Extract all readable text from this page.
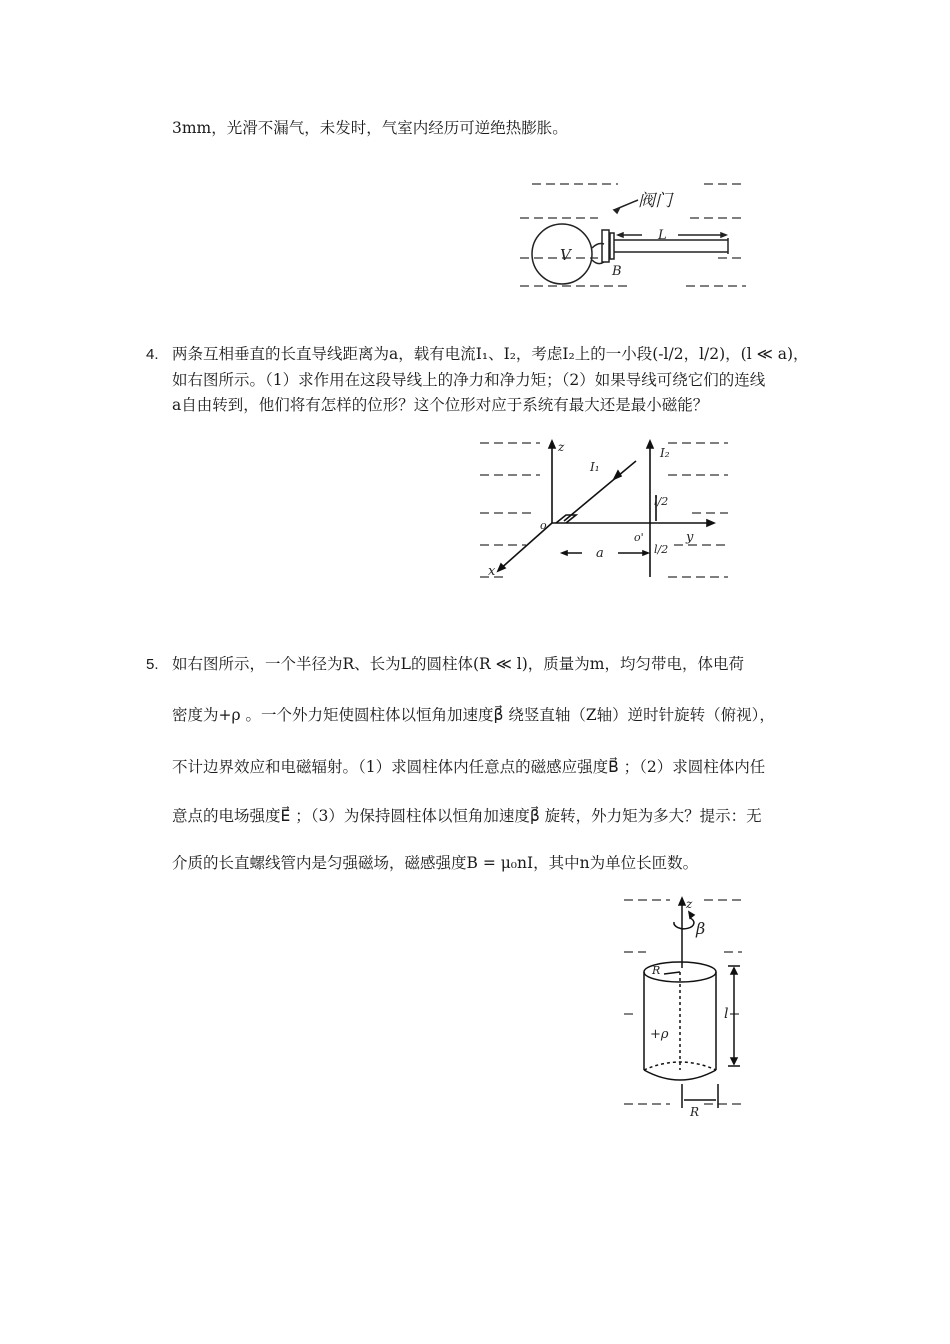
3mm，光滑不漏气，未发时，气室内经历可逆绝热膨胀。
阀门
V
B
L
4. 两条互相垂直的长直导线距离为a，载有电流I₁、I₂，考虑I₂上的一小段(-l/2，l/2)，(l ≪ a)，
如右图所示。（1）求作用在这段导线上的净力和净力矩；（2）如果导线可绕它们的连线
a自由转到，他们将有怎样的位形？这个位形对应于系统有最大还是最小磁能？
z
I₁
I₂
o
o'	y
x
a
l/2
l/2
5. 如右图所示，一个半径为R、长为L的圆柱体(R ≪ l)，质量为m，均匀带电，体电荷
密度为+ρ 。一个外力矩使圆柱体以恒角加速度β⃗ 绕竖直轴（Z轴）逆时针旋转（俯视），
不计边界效应和电磁辐射。（1）求圆柱体内任意点的磁感应强度B⃗ ；（2）求圆柱体内任
意点的电场强度E⃗ ；（3）为保持圆柱体以恒角加速度β⃗ 旋转，外力矩为多大？提示：无
介质的长直螺线管内是匀强磁场，磁感强度B = μ₀nI，其中n为单位长匝数。
z
β
R
+ρ
l
R
